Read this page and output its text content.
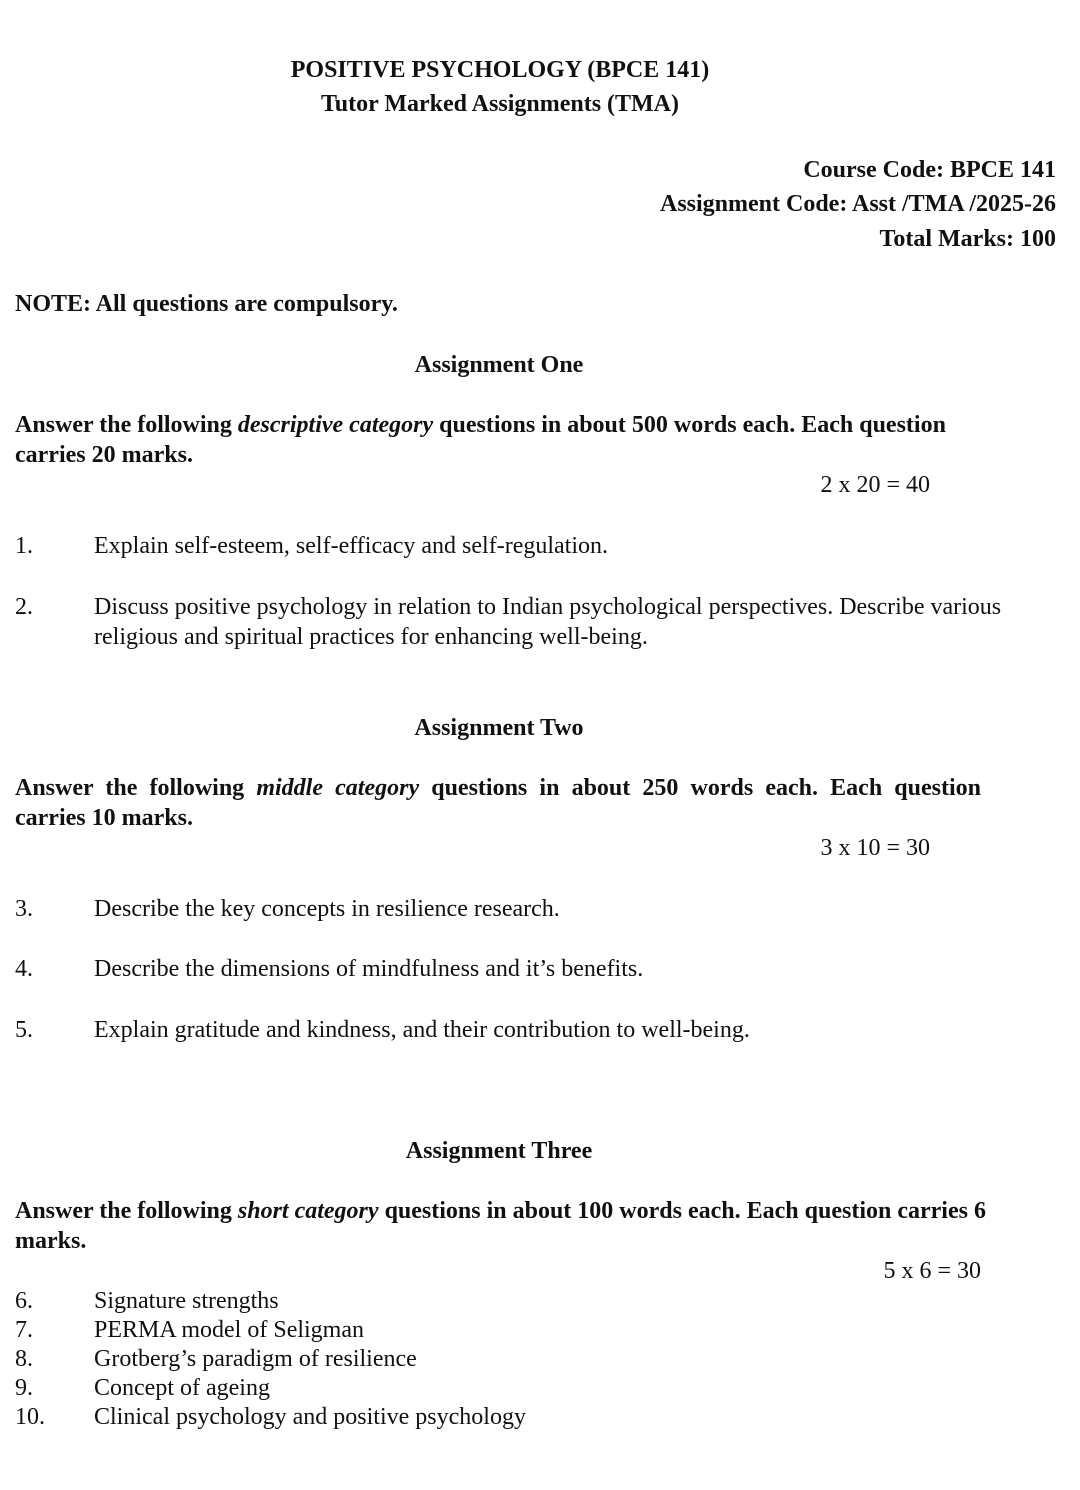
POSITIVE PSYCHOLOGY (BPCE 141)
Tutor Marked Assignments (TMA)
Course Code: BPCE 141
Assignment Code: Asst /TMA /2025-26
Total Marks: 100
NOTE: All questions are compulsory.
Assignment One
Answer the following descriptive category questions in about 500 words each. Each question carries 20 marks.
2 x 20 = 40
1.	Explain self-esteem, self-efficacy and self-regulation.
2.	Discuss positive psychology in relation to Indian psychological perspectives. Describe various religious and spiritual practices for enhancing well-being.
Assignment Two
Answer the following middle category questions in about 250 words each. Each question carries 10 marks.
3 x 10 = 30
3.	Describe the key concepts in resilience research.
4.	Describe the dimensions of mindfulness and it’s benefits.
5.	Explain gratitude and kindness, and their contribution to well-being.
Assignment Three
Answer the following short category questions in about 100 words each. Each question carries 6 marks.
5 x 6 = 30
6.	Signature strengths
7.	PERMA model of Seligman
8.	Grotberg’s paradigm of resilience
9.	Concept of ageing
10.	Clinical psychology and positive psychology
